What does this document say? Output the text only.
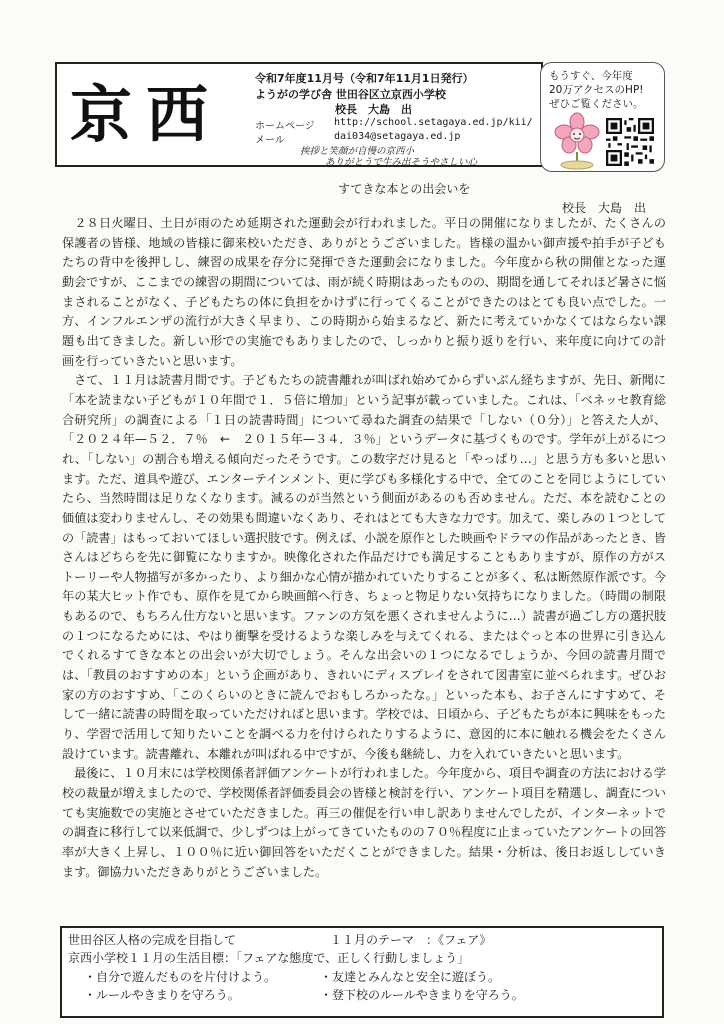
京西	令和7年度11月号（令和7年11月1日発行）
ようがの学び舎 世田谷区立京西小学校
校長　大島　出
ホームページ http://school.setagaya.ed.jp/kii/
メール	dai034@setagaya.ed.jp
挨拶と笑顔が自慢の京西小
ありがとうで生み出そうやさしい心
もうすぐ、今年度
20万アクセスのHP!
ぜひご覧ください。
すてきな本との出会いを
校長　大島　出
　２８日火曜日、土日が雨のため延期された運動会が行われました。平日の開催になりましたが、たくさんの保護者の皆様、地域の皆様に御来校いただき、ありがとうございました。皆様の温かい御声援や拍手が子どもたちの背中を後押しし、練習の成果を存分に発揮できた運動会になりました。今年度から秋の開催となった運動会ですが、ここまでの練習の期間については、雨が続く時期はあったものの、期間を通してそれほど暑さに悩まされることがなく、子どもたちの体に負担をかけずに行ってくることができたのはとても良い点でした。一方、インフルエンザの流行が大きく早まり、この時期から始まるなど、新たに考えていかなくてはならない課題も出てきました。新しい形での実施でもありましたので、しっかりと振り返りを行い、来年度に向けての計画を行っていきたいと思います。
　さて、１１月は読書月間です。子どもたちの読書離れが叫ばれ始めてからずいぶん経ちますが、先日、新聞に「本を読まない子どもが１０年間で１．５倍に増加」という記事が載っていました。これは、「ベネッセ教育総合研究所」の調査による「１日の読書時間」について尋ねた調査の結果で「しない（０分）」と答えた人が、「２０２４年—５２．７％　←　２０１５年—３４．３％」というデータに基づくものです。学年が上がるにつれ、「しない」の割合も増える傾向だったそうです。この数字だけ見ると「やっぱり…」と思う方も多いと思います。ただ、道具や遊び、エンターテインメント、更に学びも多様化する中で、全てのことを同じようにしていたら、当然時間は足りなくなります。減るのが当然という側面があるのも否めません。ただ、本を読むことの価値は変わりませんし、その効果も間違いなくあり、それはとても大きな力です。加えて、楽しみの１つとしての「読書」はもっておいてほしい選択肢です。例えば、小説を原作とした映画やドラマの作品があったとき、皆さんはどちらを先に御覧になりますか。映像化された作品だけでも満足することもありますが、原作の方がストーリーや人物描写が多かったり、より細かな心情が描かれていたりすることが多く、私は断然原作派です。今年の某大ヒット作でも、原作を見てから映画館へ行き、ちょっと物足りない気持ちになりました。（時間の制限もあるので、もちろん仕方ないと思います。ファンの方気を悪くされませんように…）読書が過ごし方の選択肢の１つになるためには、やはり衝撃を受けるような楽しみを与えてくれる、またはぐっと本の世界に引き込んでくれるすてきな本との出会いが大切でしょう。そんな出会いの１つになるでしょうか、今回の読書月間では、「教員のおすすめの本」という企画があり、きれいにディスプレイをされて図書室に並べられます。ぜひお家の方のおすすめ、「このくらいのときに読んでおもしろかったな。」といった本も、お子さんにすすめて、そして一緒に読書の時間を取っていただければと思います。学校では、日頃から、子どもたちが本に興味をもったり、学習で活用して知りたいことを調べる力を付けられたりするように、意図的に本に触れる機会をたくさん設けています。読書離れ、本離れが叫ばれる中ですが、今後も継続し、力を入れていきたいと思います。
　最後に、１０月末には学校関係者評価アンケートが行われました。今年度から、項目や調査の方法における学校の裁量が増えましたので、学校関係者評価委員会の皆様と検討を行い、アンケート項目を精選し、調査についても実施数での実施とさせていただきました。再三の催促を行い申し訳ありませんでしたが、インターネットでの調査に移行して以来低調で、少しずつは上がってきていたものの７０％程度に止まっていたアンケートの回答率が大きく上昇し、１００％に近い御回答をいただくことができました。結果・分析は、後日お返ししていきます。御協力いただきありがとうございました。
世田谷区人格の完成を目指して	１１月のテーマ　：《フェア》
京西小学校１１月の生活目標：「フェアな態度で、正しく行動しましょう」
・自分で遊んだものを片付けよう。	・友達とみんなと安全に遊ぼう。
・ルールやきまりを守ろう。	・登下校のルールやきまりを守ろう。
